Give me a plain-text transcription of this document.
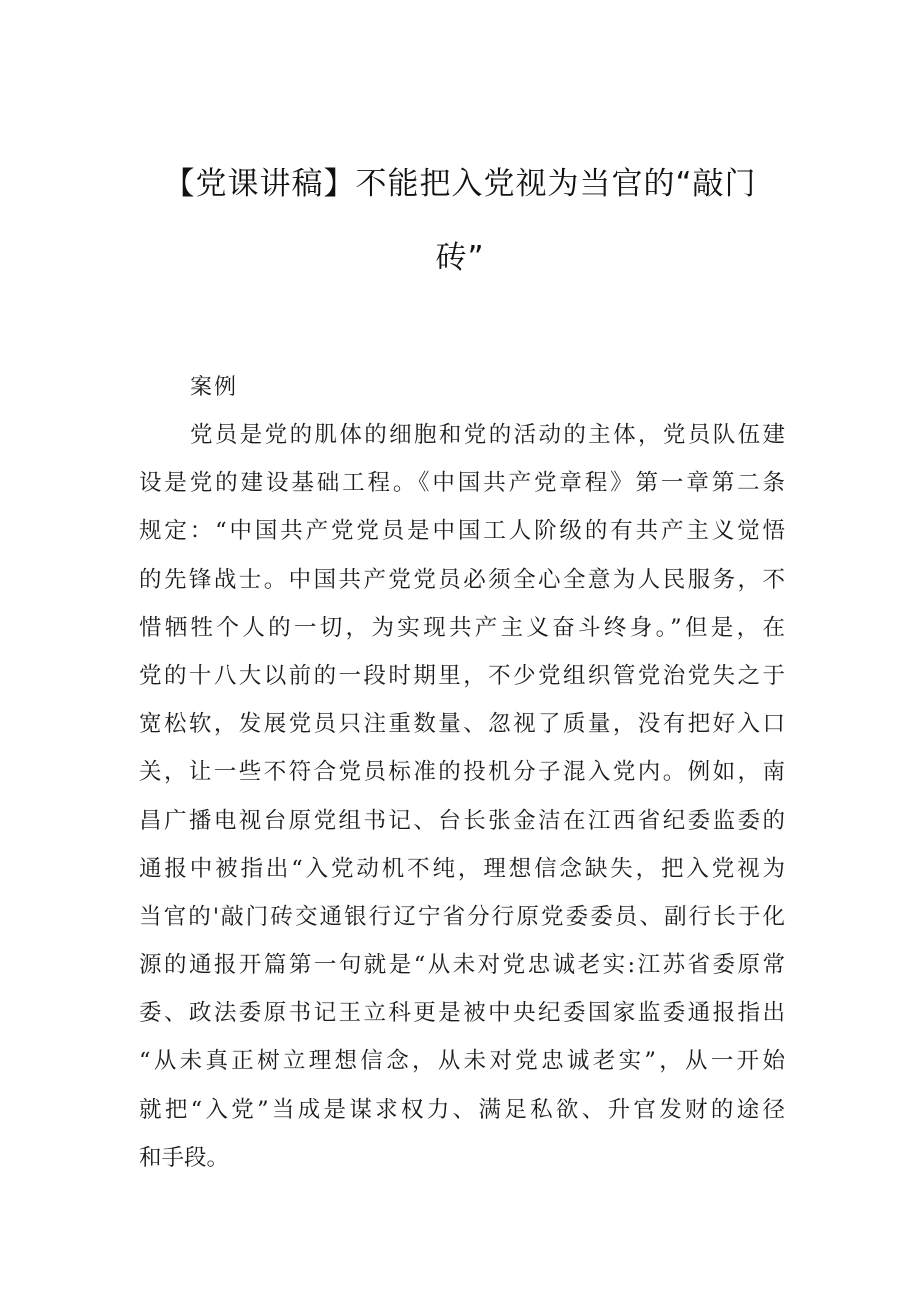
【党课讲稿】不能把入党视为当官的“敲门
砖”
案例
党员是党的肌体的细胞和党的活动的主体，党员队伍建
设是党的建设基础工程。《中国共产党章程》第一章第二条
规定：“中国共产党党员是中国工人阶级的有共产主义觉悟
的先锋战士。中国共产党党员必须全心全意为人民服务，不
惜牺牲个人的一切，为实现共产主义奋斗终身。”但是，在
党的十八大以前的一段时期里，不少党组织管党治党失之于
宽松软，发展党员只注重数量、忽视了质量，没有把好入口
关，让一些不符合党员标准的投机分子混入党内。例如，南
昌广播电视台原党组书记、台长张金洁在江西省纪委监委的
通报中被指出“入党动机不纯，理想信念缺失，把入党视为
当官的'敲门砖交通银行辽宁省分行原党委委员、副行长于化
源的通报开篇第一句就是“从未对党忠诚老实:江苏省委原常
委、政法委原书记王立科更是被中央纪委国家监委通报指出
“从未真正树立理想信念，从未对党忠诚老实”，从一开始
就把“入党”当成是谋求权力、满足私欲、升官发财的途径
和手段。
